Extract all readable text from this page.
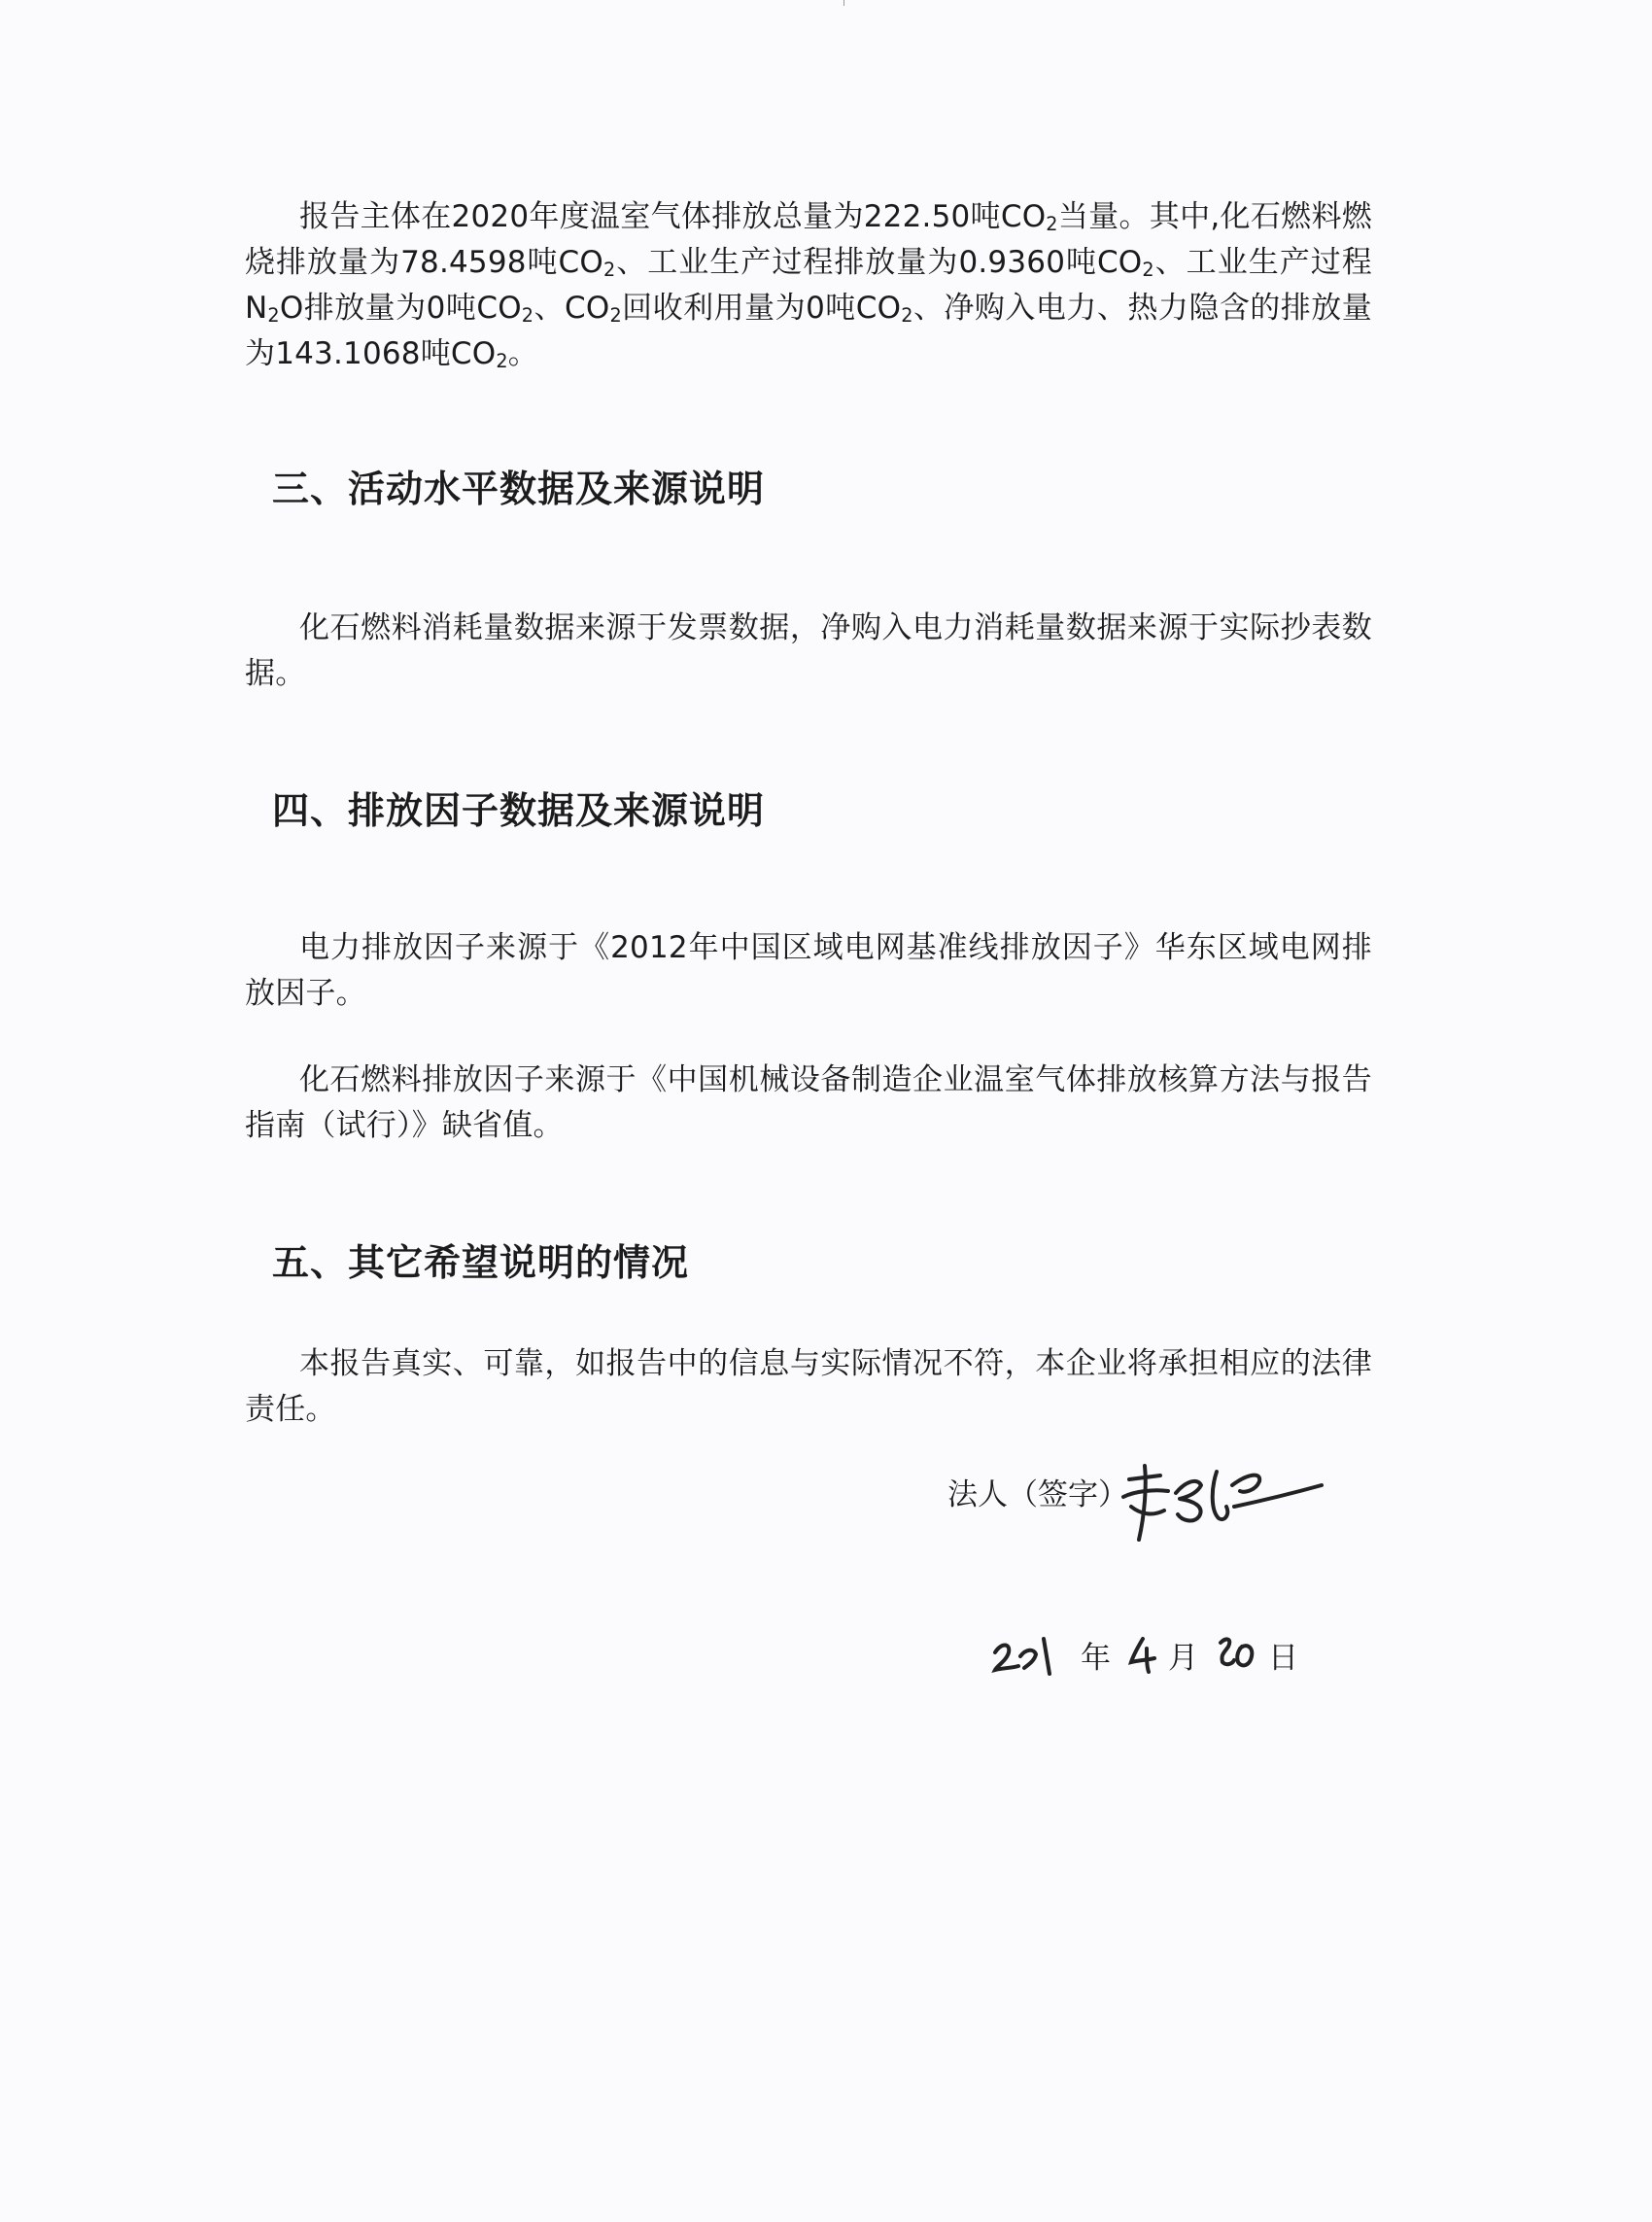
报告主体在2020年度温室气体排放总量为222.50吨$CO_2$当量。其中,化石燃料燃烧排放量为78.4598吨$CO_2$、工业生产过程排放量为0.9360吨$CO_2$、工业生产过程$N_2O$排放量为0吨$CO_2$、$CO_2$回收利用量为0吨$CO_2$、净购入电力、热力隐含的排放量为143.1068吨$CO_2$。

三、活动水平数据及来源说明

化石燃料消耗量数据来源于发票数据，净购入电力消耗量数据来源于实际抄表数据。

四、排放因子数据及来源说明

电力排放因子来源于《2012年中国区域电网基准线排放因子》华东区域电网排放因子。

化石燃料排放因子来源于《中国机械设备制造企业温室气体排放核算方法与报告指南（试行）》缺省值。

五、其它希望说明的情况

本报告真实、可靠，如报告中的信息与实际情况不符，本企业将承担相应的法律责任。

法人（签字）
年 月 日
